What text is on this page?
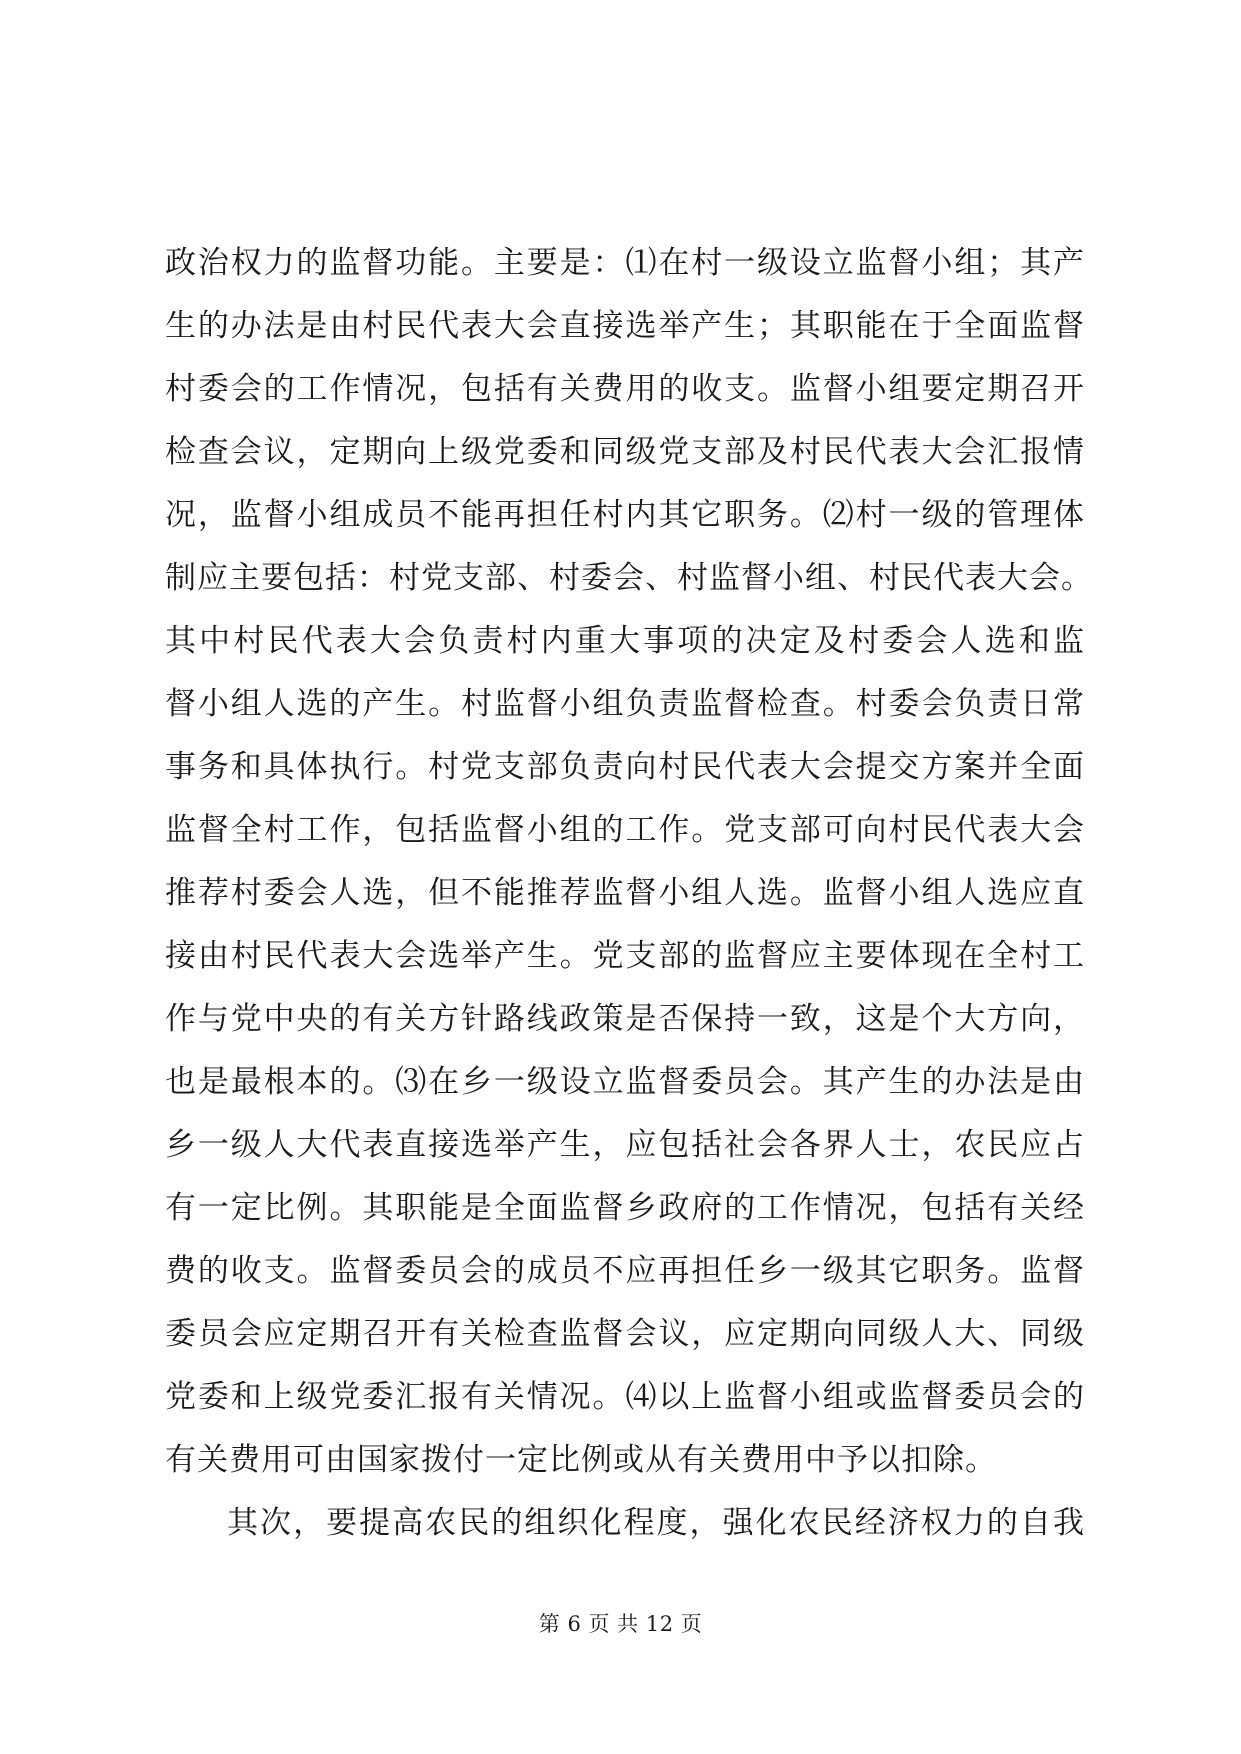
政治权力的监督功能。主要是：⑴在村一级设立监督小组；其产
生的办法是由村民代表大会直接选举产生；其职能在于全面监督
村委会的工作情况，包括有关费用的收支。监督小组要定期召开
检查会议，定期向上级党委和同级党支部及村民代表大会汇报情
况，监督小组成员不能再担任村内其它职务。⑵村一级的管理体
制应主要包括：村党支部、村委会、村监督小组、村民代表大会。
其中村民代表大会负责村内重大事项的决定及村委会人选和监
督小组人选的产生。村监督小组负责监督检查。村委会负责日常
事务和具体执行。村党支部负责向村民代表大会提交方案并全面
监督全村工作，包括监督小组的工作。党支部可向村民代表大会
推荐村委会人选，但不能推荐监督小组人选。监督小组人选应直
接由村民代表大会选举产生。党支部的监督应主要体现在全村工
作与党中央的有关方针路线政策是否保持一致，这是个大方向，
也是最根本的。⑶在乡一级设立监督委员会。其产生的办法是由
乡一级人大代表直接选举产生，应包括社会各界人士，农民应占
有一定比例。其职能是全面监督乡政府的工作情况，包括有关经
费的收支。监督委员会的成员不应再担任乡一级其它职务。监督
委员会应定期召开有关检查监督会议，应定期向同级人大、同级
党委和上级党委汇报有关情况。⑷以上监督小组或监督委员会的
有关费用可由国家拨付一定比例或从有关费用中予以扣除。
其次，要提高农民的组织化程度，强化农民经济权力的自我
第 6 页 共 12 页
